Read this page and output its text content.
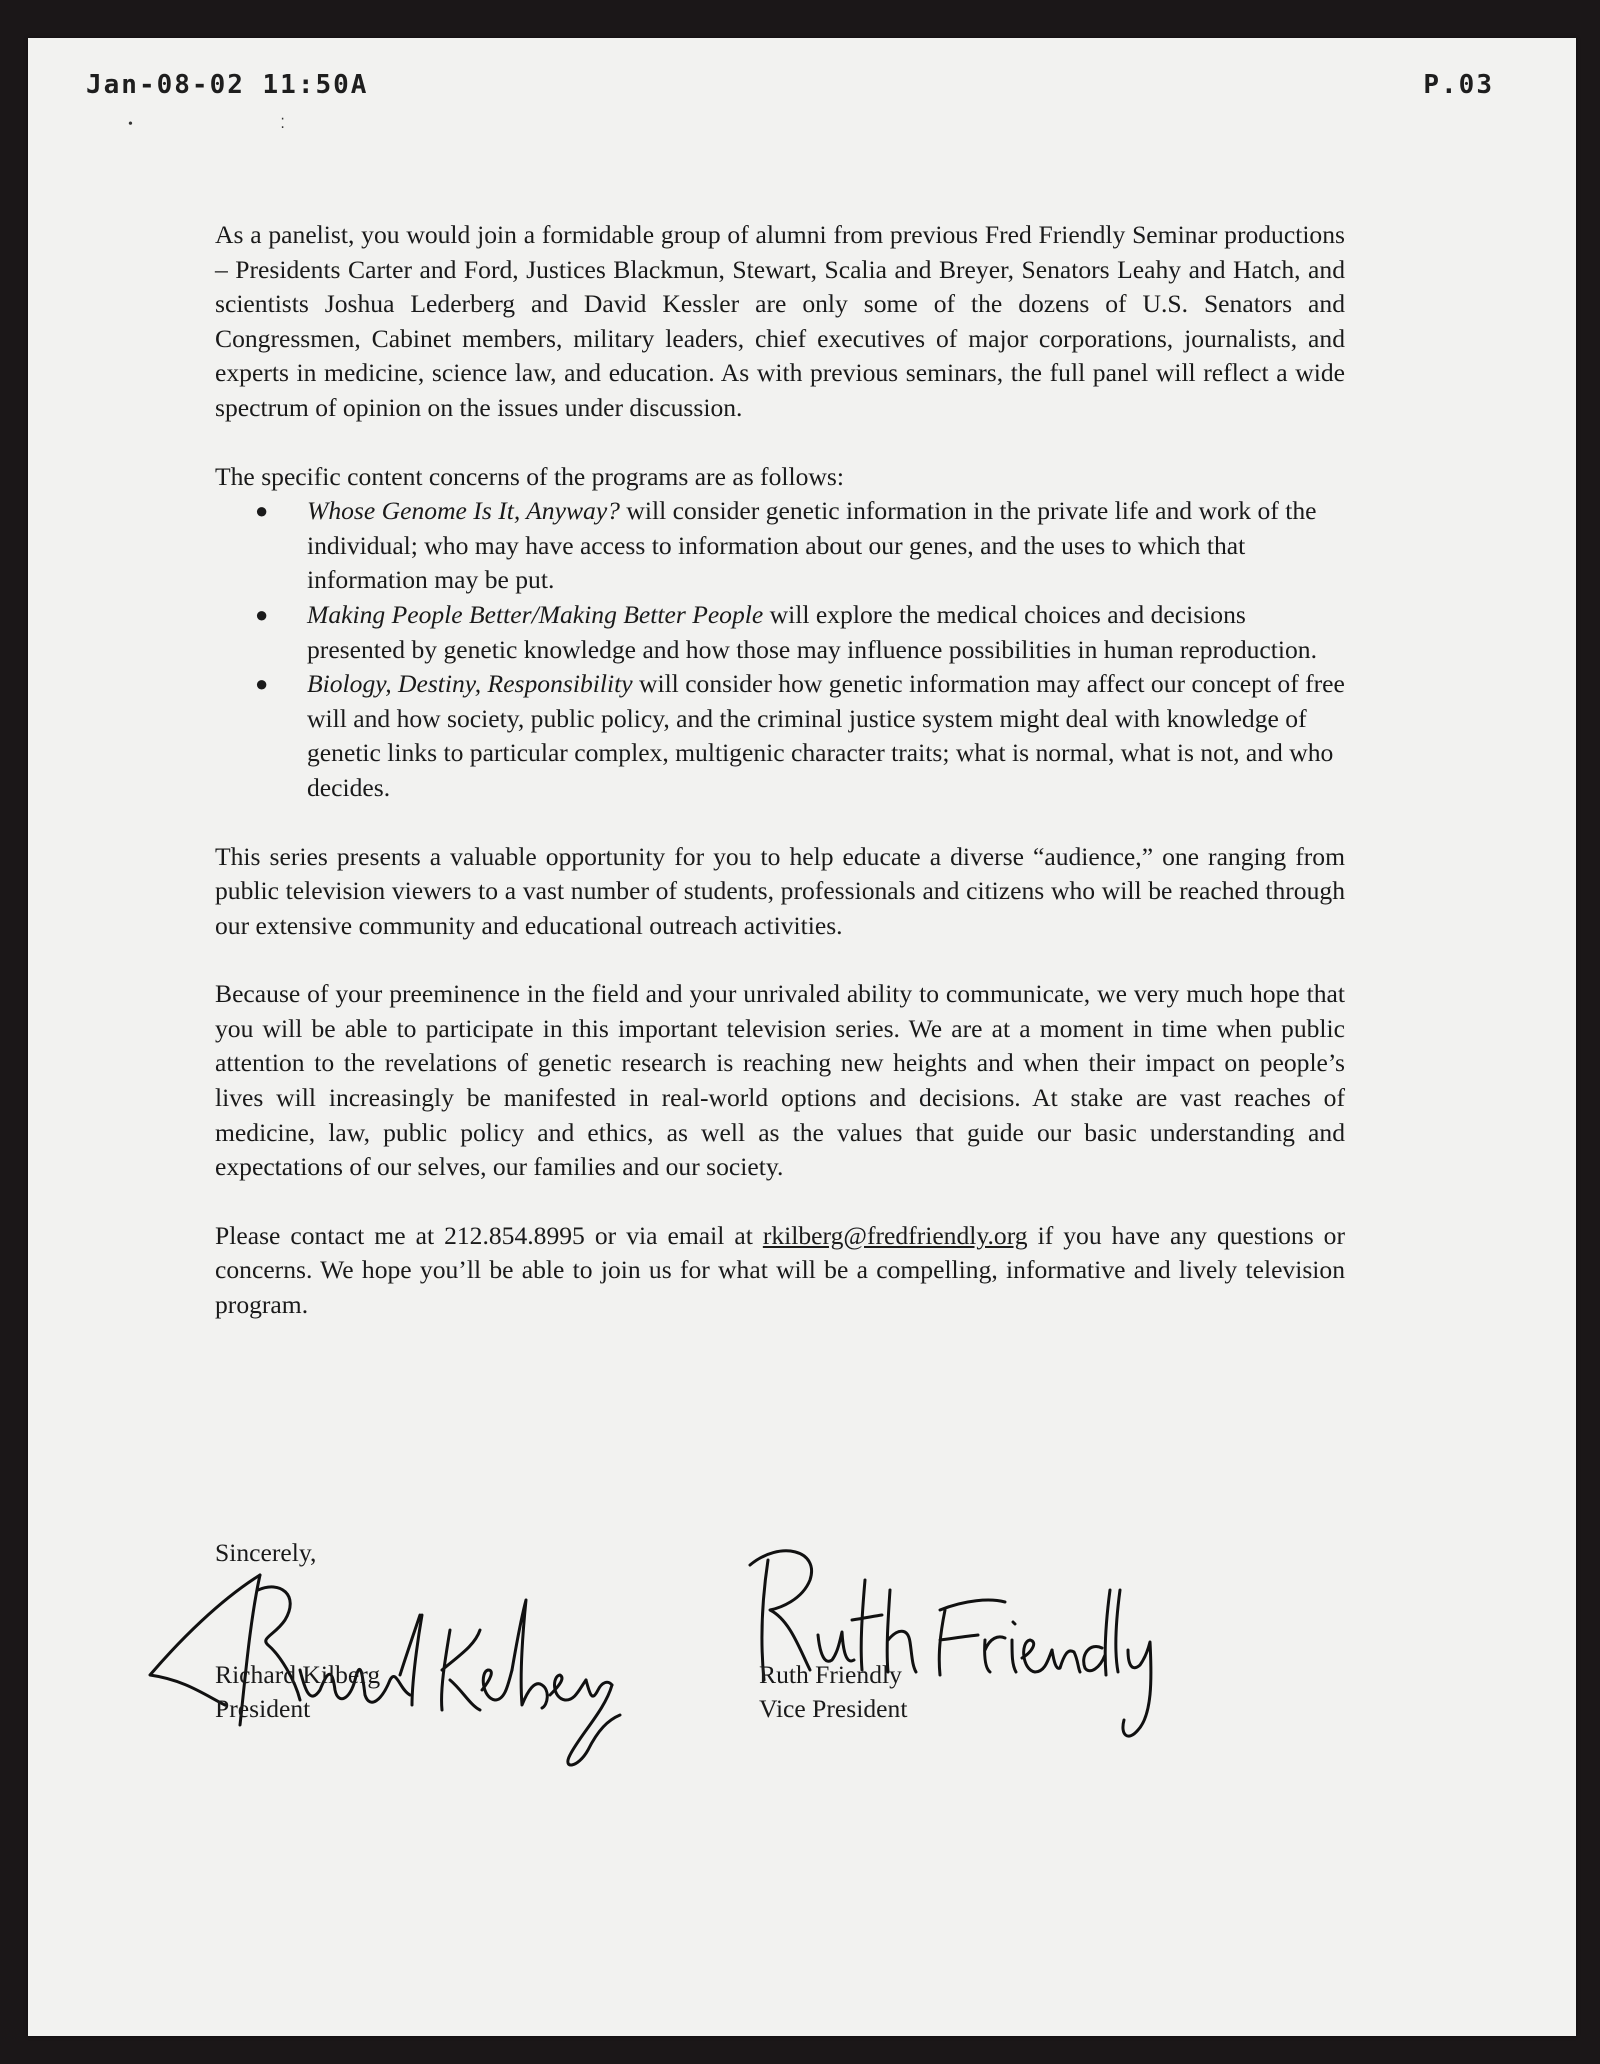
Jan-08-02 11:50A	P.03
• ⁚

As a panelist, you would join a formidable group of alumni from previous Fred Friendly Seminar productions – Presidents Carter and Ford, Justices Blackmun, Stewart, Scalia and Breyer, Senators Leahy and Hatch, and scientists Joshua Lederberg and David Kessler are only some of the dozens of U.S. Senators and Congressmen, Cabinet members, military leaders, chief executives of major corporations, journalists, and experts in medicine, science law, and education. As with previous seminars, the full panel will reflect a wide spectrum of opinion on the issues under discussion.

The specific content concerns of the programs are as follows:

● Whose Genome Is It, Anyway? will consider genetic information in the private life and work of the individual; who may have access to information about our genes, and the uses to which that information may be put.
● Making People Better/Making Better People will explore the medical choices and decisions presented by genetic knowledge and how those may influence possibilities in human reproduction.
● Biology, Destiny, Responsibility will consider how genetic information may affect our concept of free will and how society, public policy, and the criminal justice system might deal with knowledge of genetic links to particular complex, multigenic character traits; what is normal, what is not, and who decides.

This series presents a valuable opportunity for you to help educate a diverse “audience,” one ranging from public television viewers to a vast number of students, professionals and citizens who will be reached through our extensive community and educational outreach activities.

Because of your preeminence in the field and your unrivaled ability to communicate, we very much hope that you will be able to participate in this important television series. We are at a moment in time when public attention to the revelations of genetic research is reaching new heights and when their impact on people’s lives will increasingly be manifested in real-world options and decisions. At stake are vast reaches of medicine, law, public policy and ethics, as well as the values that guide our basic understanding and expectations of our selves, our families and our society.

Please contact me at 212.854.8995 or via email at rkilberg@fredfriendly.org if you have any questions or concerns. We hope you’ll be able to join us for what will be a compelling, informative and lively television program.

Sincerely,
Richard Kilberg
President
Ruth Friendly
Vice President
